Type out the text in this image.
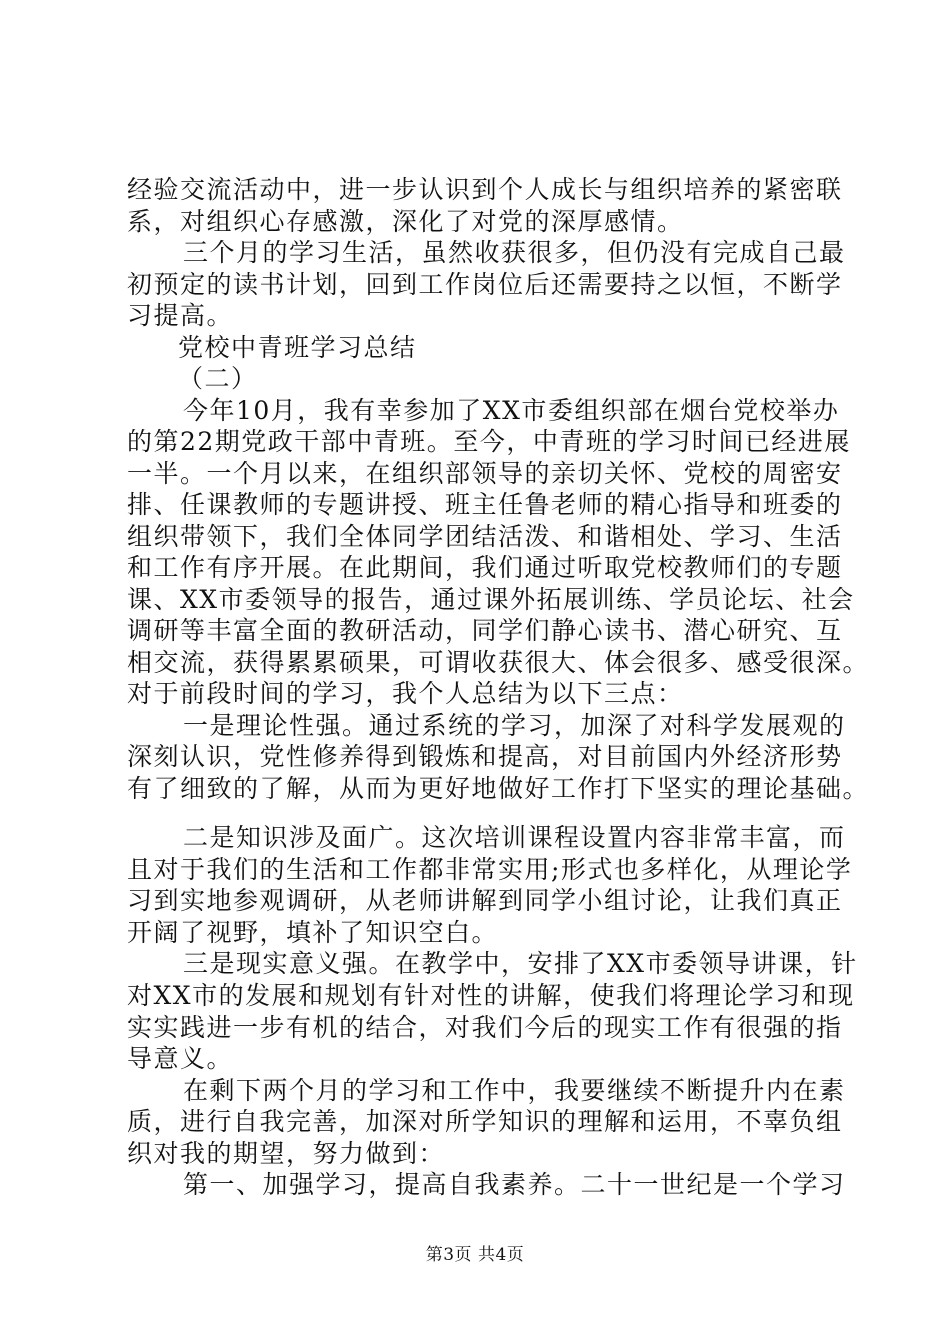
经验交流活动中，进一步认识到个人成长与组织培养的紧密联
系，对组织心存感激，深化了对党的深厚感情。
三个月的学习生活，虽然收获很多，但仍没有完成自己最
初预定的读书计划，回到工作岗位后还需要持之以恒，不断学
习提高。
党校中青班学习总结
（二）
今年10月，我有幸参加了XX市委组织部在烟台党校举办
的第22期党政干部中青班。至今，中青班的学习时间已经进展
一半。一个月以来，在组织部领导的亲切关怀、党校的周密安
排、任课教师的专题讲授、班主任鲁老师的精心指导和班委的
组织带领下，我们全体同学团结活泼、和谐相处、学习、生活
和工作有序开展。在此期间，我们通过听取党校教师们的专题
课、XX市委领导的报告，通过课外拓展训练、学员论坛、社会
调研等丰富全面的教研活动，同学们静心读书、潜心研究、互
相交流，获得累累硕果，可谓收获很大、体会很多、感受很深。
对于前段时间的学习，我个人总结为以下三点：
一是理论性强。通过系统的学习，加深了对科学发展观的
深刻认识，党性修养得到锻炼和提高，对目前国内外经济形势
有了细致的了解，从而为更好地做好工作打下坚实的理论基础。
二是知识涉及面广。这次培训课程设置内容非常丰富，而
且对于我们的生活和工作都非常实用;形式也多样化，从理论学
习到实地参观调研，从老师讲解到同学小组讨论，让我们真正
开阔了视野，填补了知识空白。
三是现实意义强。在教学中，安排了XX市委领导讲课，针
对XX市的发展和规划有针对性的讲解，使我们将理论学习和现
实实践进一步有机的结合，对我们今后的现实工作有很强的指
导意义。
在剩下两个月的学习和工作中，我要继续不断提升内在素
质，进行自我完善，加深对所学知识的理解和运用，不辜负组
织对我的期望，努力做到：
第一、加强学习，提高自我素养。二十一世纪是一个学习
第3页 共4页
